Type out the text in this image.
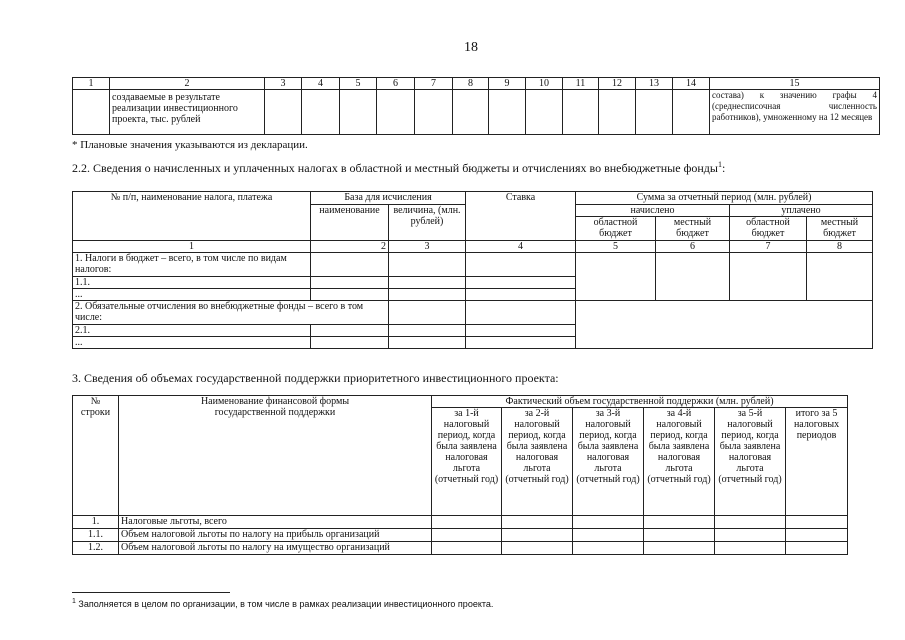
18
1	2	3	4	5	6	7	8	9	10	11	12	13	14	15
	создаваемые в результате реализации инвестиционного проекта, тыс. рублей													состава) к значению графы 4 (среднесписочная численность работников), умноженному на 12 месяцев
* Плановые значения указываются из декларации.
2.2. Сведения о начисленных и уплаченных налогах в областной и местный бюджеты и отчислениях во внебюджетные фонды$^1$:
№ п/п, наименование налога, платежа	База для исчисления		Ставка	Сумма за отчетный период (млн. рублей)			
	наименование	величина, (млн. рублей)		начислено		уплачено	
				областной бюджет	местный бюджет	областной бюджет	местный бюджет
1	2	3	4	5	6	7	8
1. Налоги в бюджет – всего, в том числе по видам налогов:							
1.1.							
...							
2. Обязательные отчисления во внебюджетные фонды – всего в том числе:							
2.1.							
...							
3. Сведения об объемах государственной поддержки приоритетного инвестиционного проекта:
№ строки	Наименование финансовой формы государственной поддержки	Фактический объем государственной поддержки (млн. рублей)					
		за 1-й налоговый период, когда была заявлена налоговая льгота (отчетный год)	за 2-й налоговый период, когда была заявлена налоговая льгота (отчетный год)	за 3-й налоговый период, когда была заявлена налоговая льгота (отчетный год)	за 4-й налоговый период, когда была заявлена налоговая льгота (отчетный год)	за 5-й налоговый период, когда была заявлена налоговая льгота (отчетный год)	итого за 5 налоговых периодов
1.	Налоговые льготы, всего						
1.1.	Объем налоговой льготы по налогу на прибыль организаций						
1.2.	Объем налоговой льготы по налогу на имущество организаций						
$^1$ Заполняется в целом по организации, в том числе в рамках реализации инвестиционного проекта.
